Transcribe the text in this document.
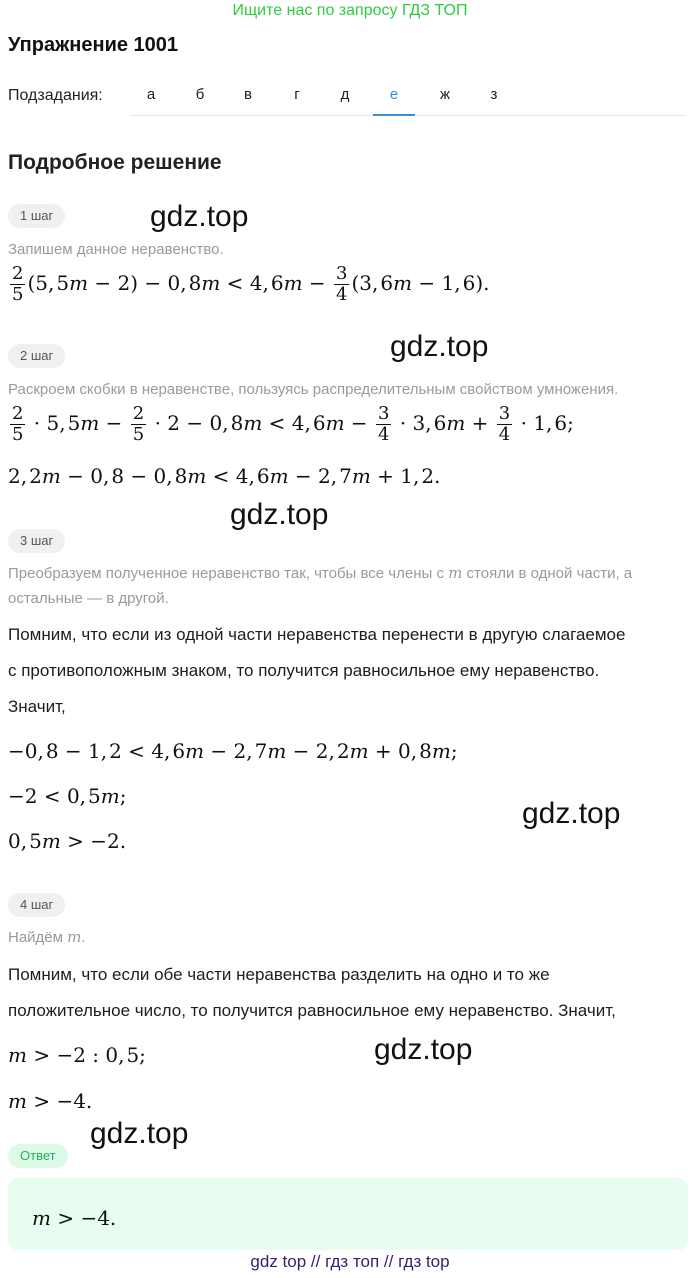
Ищите нас по запросу ГДЗ ТОП
Упражнение 1001
Подзадания:	а	б	в	г	д	е	ж	з
Подробное решение
1 шаг	gdz.top
Запишем данное неравенство.
$\frac{2}{5} (5$, 5m − 2) − 0, 8m < 4, $6m - \frac{3}{4} (3$, 6m − 1, 6).
2 шаг	gdz.top
Раскроем скобки в неравенстве, пользуясь распределительным свойством умножения.
$\frac{2}{5} \cdot 5$, $5m - \frac{2}{5} \cdot 2 - 0$, 8m < 4, $6m - \frac{3}{4} \cdot 3$, $6m + \frac{3}{4} \cdot 1$, 6;
2, 2m − 0, 8 − 0, 8m < 4, 6m − 2, 7m + 1, 2.
gdz.top
3 шаг
Преобразуем полученное неравенство так, чтобы все члены с m стояли в одной части, а
остальные — в другой.
Помним, что если из одной части неравенства перенести в другую слагаемое
с противоположным знаком, то получится равносильное ему неравенство.
Значит,
−0, 8 − 1, 2 < 4, 6m − 2, 7m − 2, 2m + 0, 8m;
−2 < 0, 5m;
gdz.top
0, 5m > −2.
4 шаг
Найдём m.
Помним, что если обе части неравенства разделить на одно и то же
положительное число, то получится равносильное ему неравенство. Значит,
gdz.top
m > −2 : 0, 5;
m > −4.
gdz.top
Ответ
m > −4.
gdz top // гдз топ // гдз top
